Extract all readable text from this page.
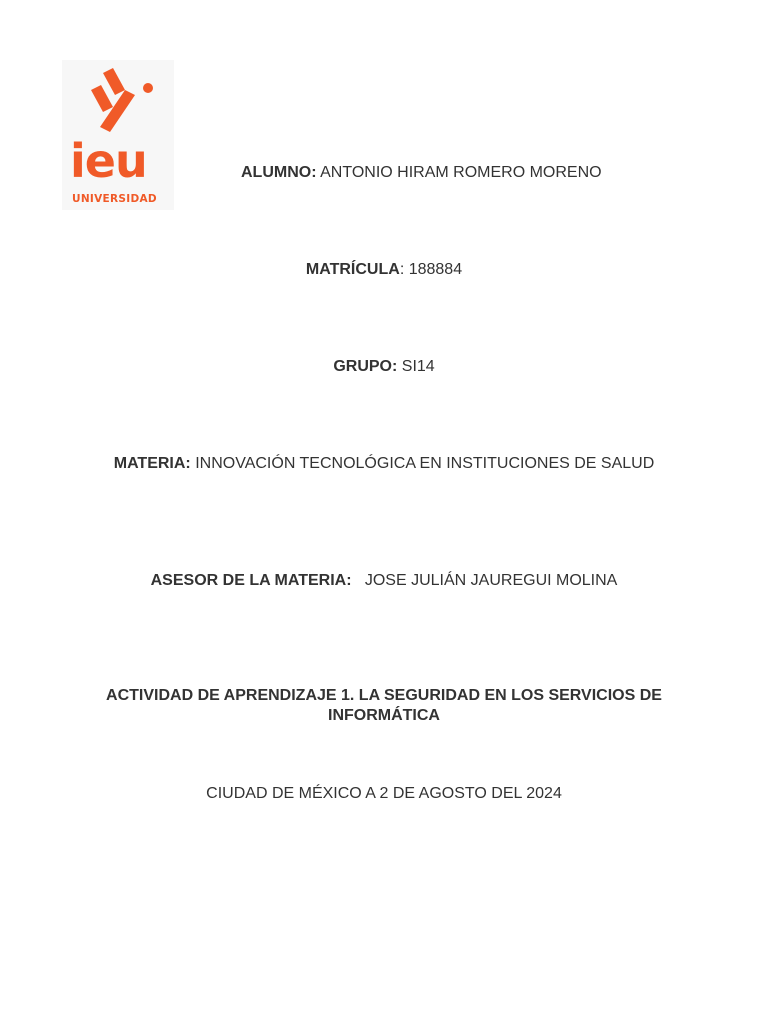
ieu
UNIVERSIDAD
ALUMNO: ANTONIO HIRAM ROMERO MORENO
MATRÍCULA: 188884
GRUPO: SI14
MATERIA: INNOVACIÓN TECNOLÓGICA EN INSTITUCIONES DE SALUD
ASESOR DE LA MATERIA: JOSE JULIÁN JAUREGUI MOLINA
ACTIVIDAD DE APRENDIZAJE 1. LA SEGURIDAD EN LOS SERVICIOS DE INFORMÁTICA
CIUDAD DE MÉXICO A 2 DE AGOSTO DEL 2024
